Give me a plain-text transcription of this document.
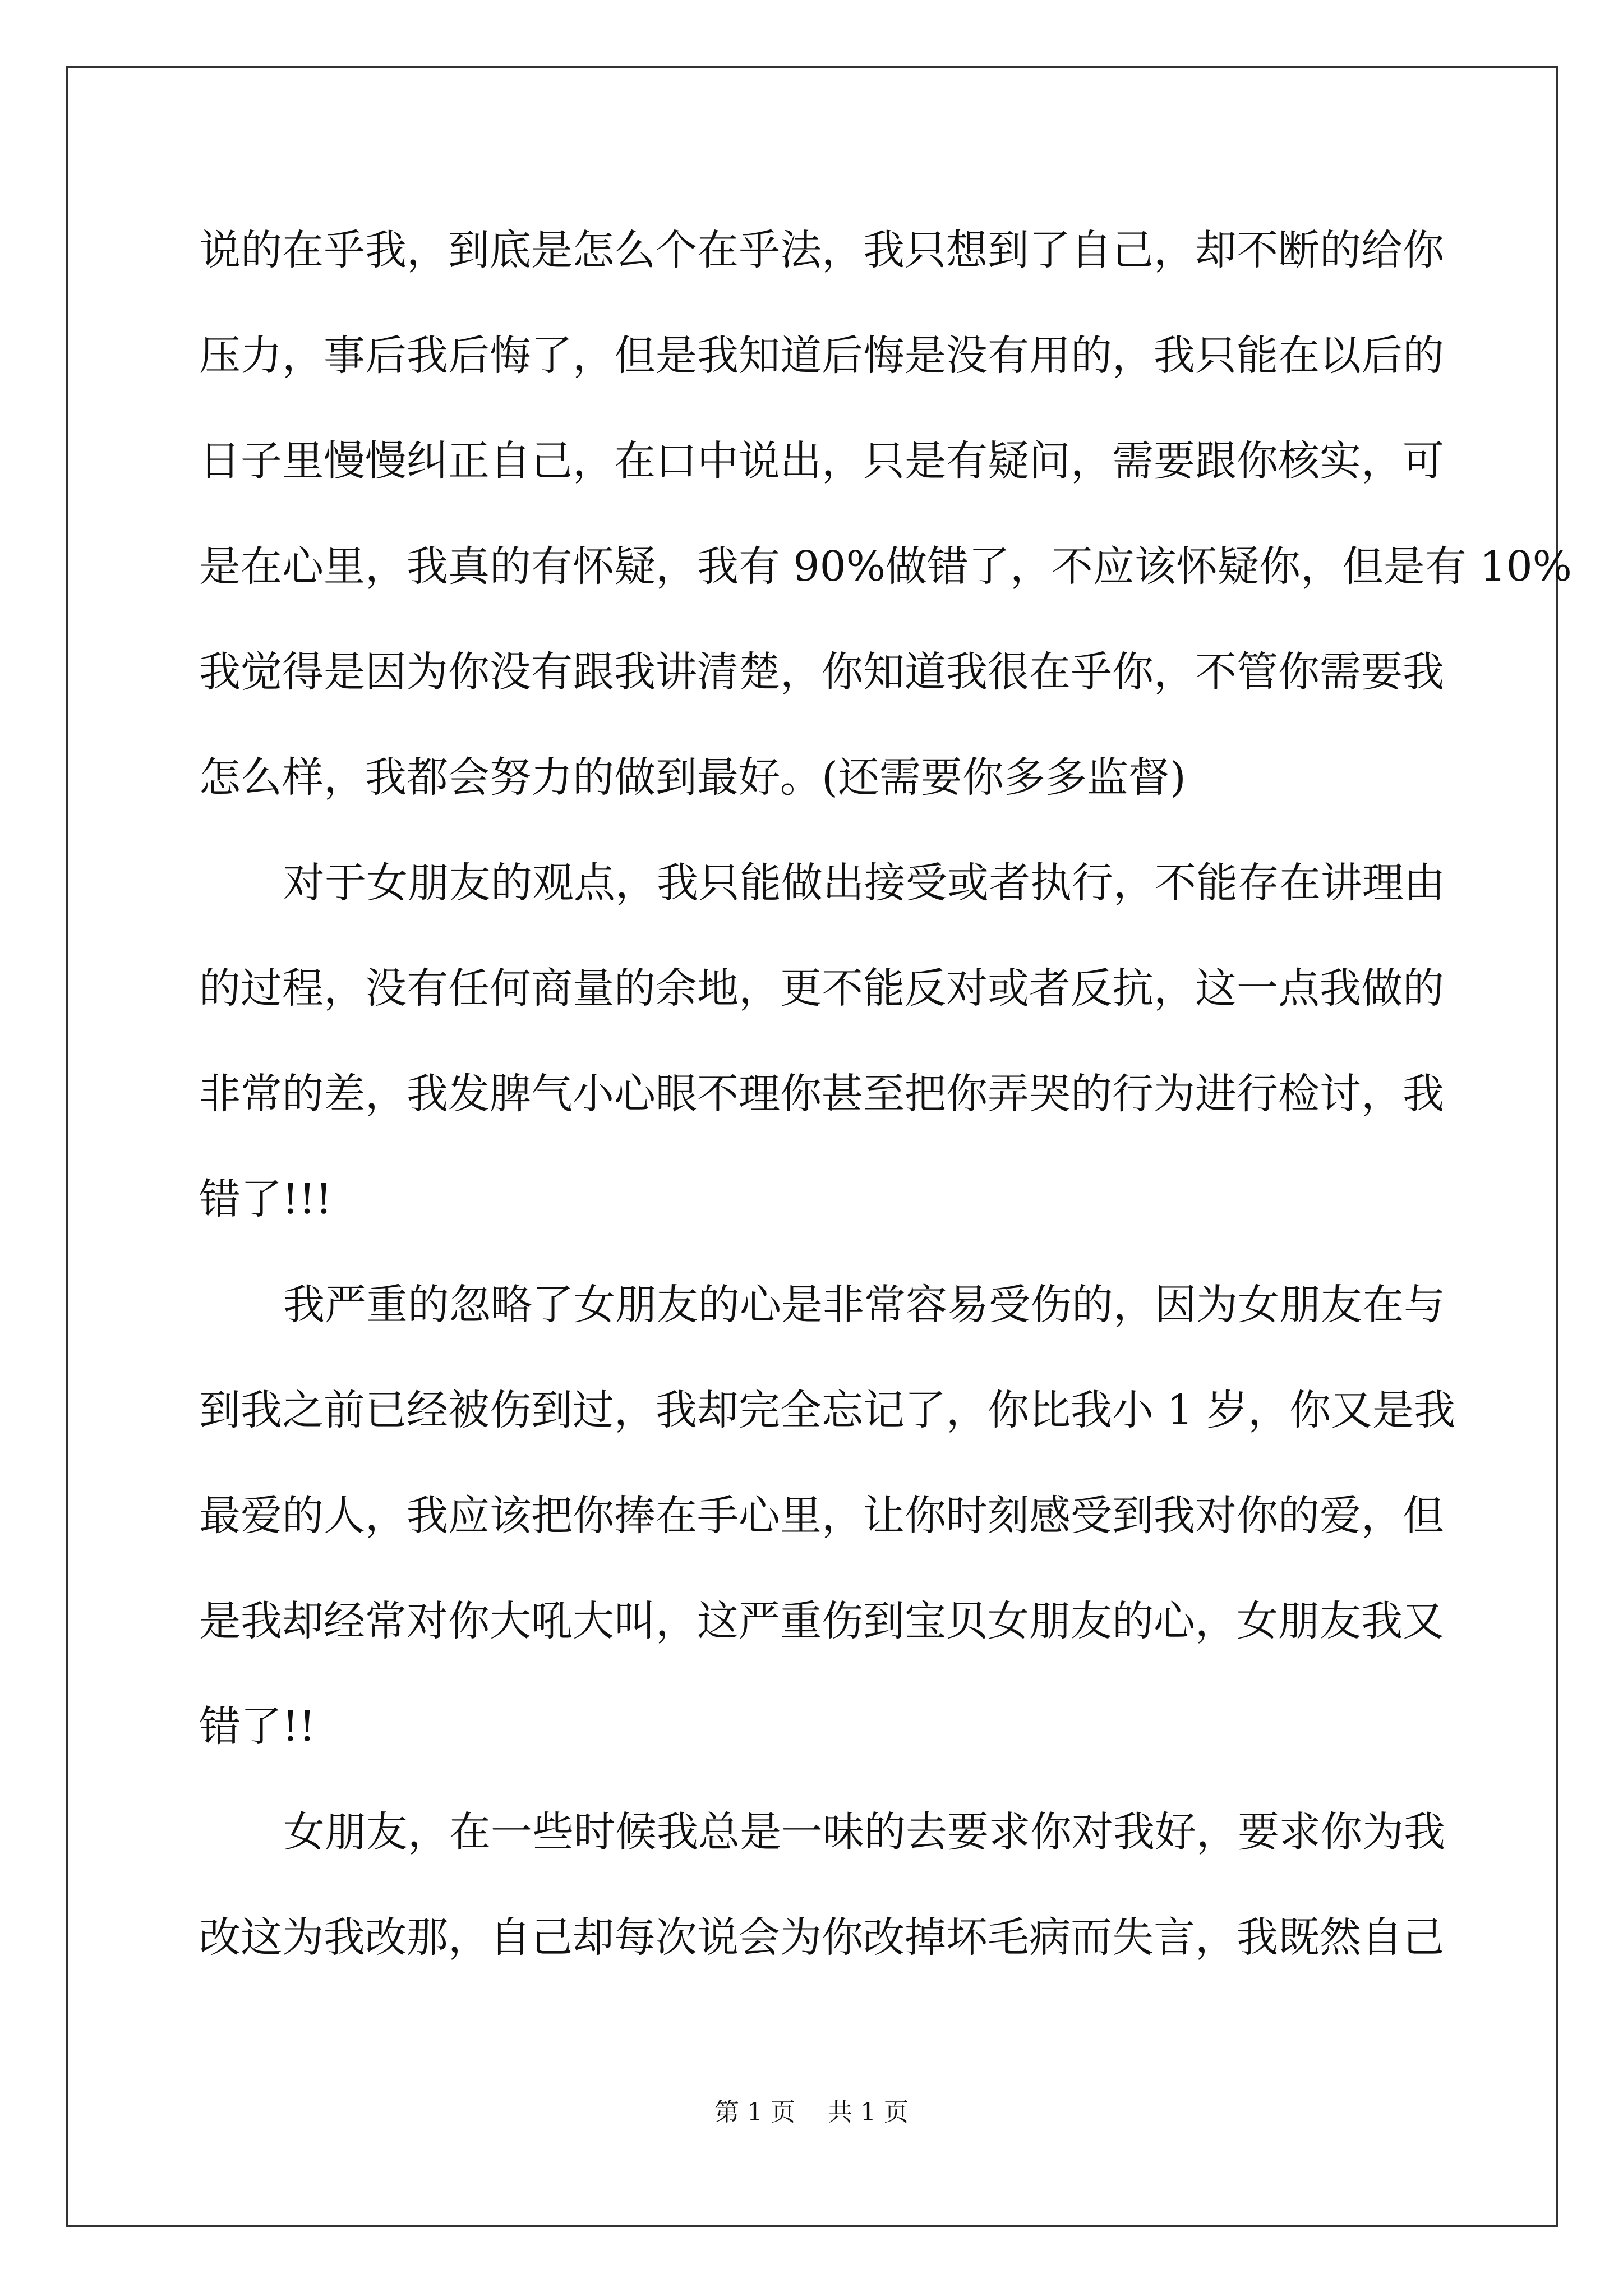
说的在乎我，到底是怎么个在乎法，我只想到了自己，却不断的给你
压力，事后我后悔了，但是我知道后悔是没有用的，我只能在以后的
日子里慢慢纠正自己，在口中说出，只是有疑问，需要跟你核实，可
是在心里，我真的有怀疑，我有 90%做错了，不应该怀疑你，但是有 10%
我觉得是因为你没有跟我讲清楚，你知道我很在乎你，不管你需要我
怎么样，我都会努力的做到最好。(还需要你多多监督)
对于女朋友的观点，我只能做出接受或者执行，不能存在讲理由
的过程，没有任何商量的余地，更不能反对或者反抗，这一点我做的
非常的差，我发脾气小心眼不理你甚至把你弄哭的行为进行检讨，我
错了!!!
我严重的忽略了女朋友的心是非常容易受伤的，因为女朋友在与
到我之前已经被伤到过，我却完全忘记了，你比我小 1 岁，你又是我
最爱的人，我应该把你捧在手心里，让你时刻感受到我对你的爱，但
是我却经常对你大吼大叫，这严重伤到宝贝女朋友的心，女朋友我又
错了!!
女朋友，在一些时候我总是一味的去要求你对我好，要求你为我
改这为我改那，自己却每次说会为你改掉坏毛病而失言，我既然自己
第 1 页　 共 1 页
